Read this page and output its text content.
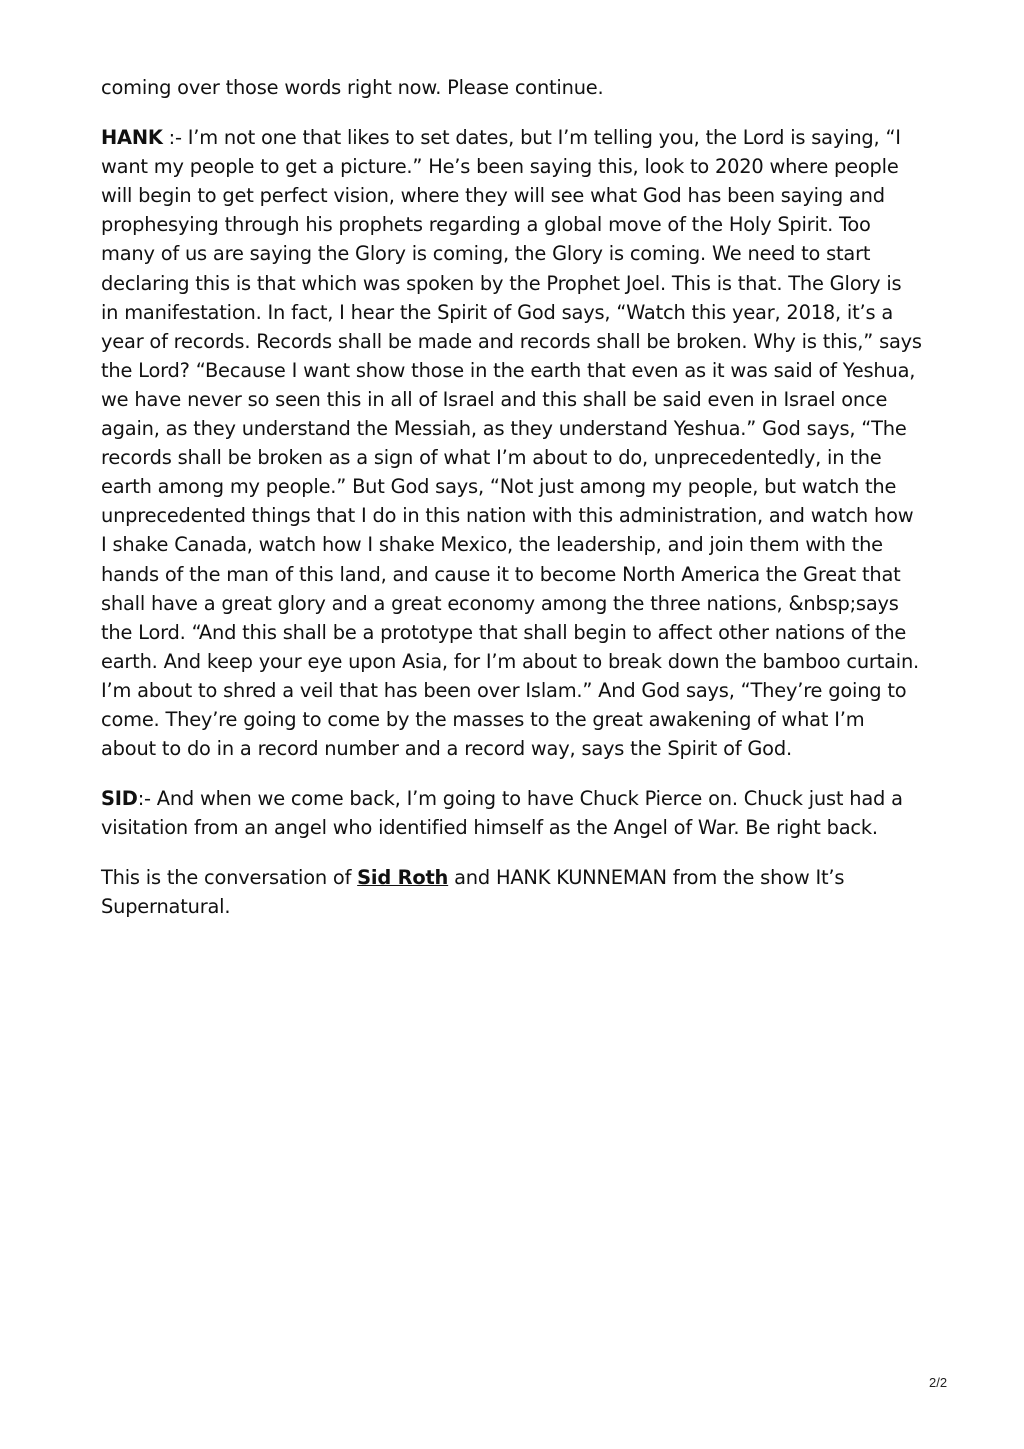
coming over those words right now. Please continue.

HANK :- I’m not one that likes to set dates, but I’m telling you, the Lord is saying, “I want my people to get a picture.” He’s been saying this, look to 2020 where people will begin to get perfect vision, where they will see what God has been saying and prophesying through his prophets regarding a global move of the Holy Spirit. Too many of us are saying the Glory is coming, the Glory is coming. We need to start declaring this is that which was spoken by the Prophet Joel. This is that. The Glory is in manifestation. In fact, I hear the Spirit of God says, “Watch this year, 2018, it’s a year of records. Records shall be made and records shall be broken. Why is this,” says the Lord? “Because I want show those in the earth that even as it was said of Yeshua, we have never so seen this in all of Israel and this shall be said even in Israel once again, as they understand the Messiah, as they understand Yeshua.” God says, “The records shall be broken as a sign of what I’m about to do, unprecedentedly, in the earth among my people.” But God says, “Not just among my people, but watch the unprecedented things that I do in this nation with this administration, and watch how I shake Canada, watch how I shake Mexico, the leadership, and join them with the hands of the man of this land, and cause it to become North America the Great that shall have a great glory and a great economy among the three nations, &nbsp;says the Lord. “And this shall be a prototype that shall begin to affect other nations of the earth. And keep your eye upon Asia, for I’m about to break down the bamboo curtain. I’m about to shred a veil that has been over Islam.” And God says, “They’re going to come. They’re going to come by the masses to the great awakening of what I’m about to do in a record number and a record way, says the Spirit of God.

SID:- And when we come back, I’m going to have Chuck Pierce on. Chuck just had a visitation from an angel who identified himself as the Angel of War. Be right back.

This is the conversation of Sid Roth and HANK KUNNEMAN from the show It’s Supernatural.

2/2
